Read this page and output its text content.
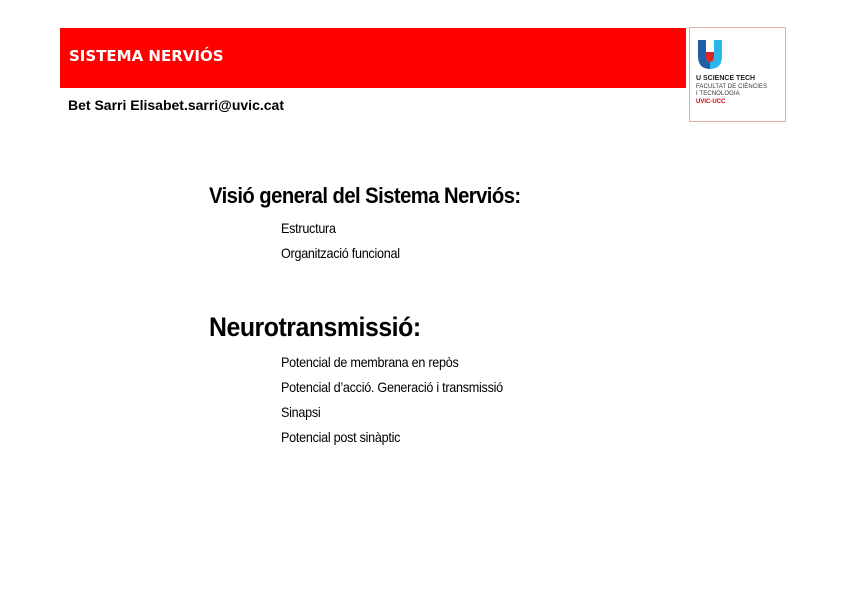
SISTEMA NERVIÓS
Bet Sarri Elisabet.sarri@uvic.cat
U SCIENCE TECH
FACULTAT DE CIÈNCIES
I TECNOLOGIA
UVIC-UCC
Visió general del Sistema Nerviós:
Estructura
Organització funcional
Neurotransmissió:
Potencial de membrana en repòs
Potencial d’acció. Generació i transmissió
Sinapsi
Potencial post sinàptic
